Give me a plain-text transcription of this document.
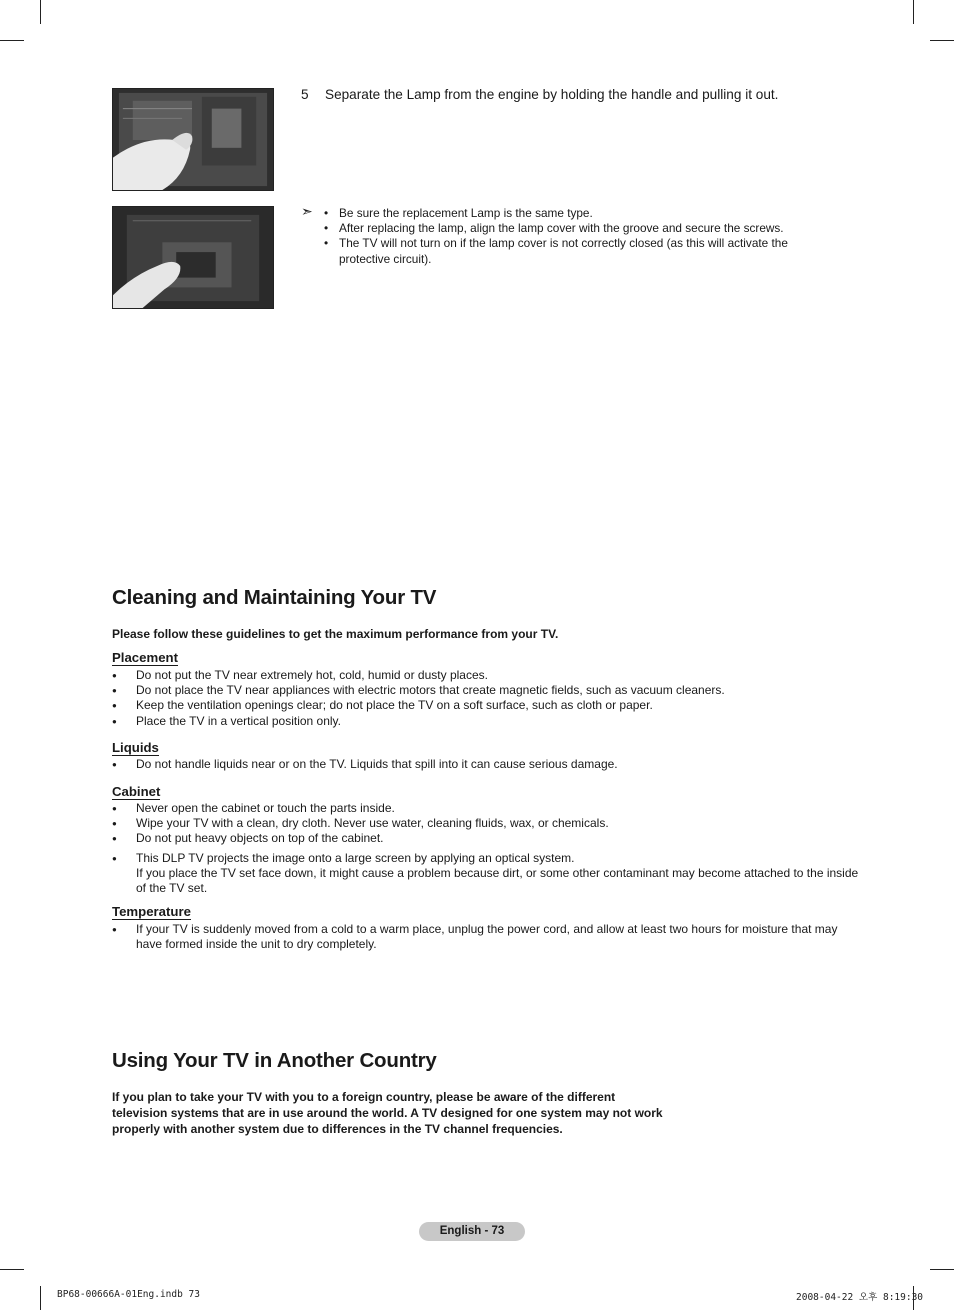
5 Separate the Lamp from the engine by holding the handle and pulling it out.
➣
•	Be sure the replacement Lamp is the same type.
• After replacing the lamp, align the lamp cover with the groove and secure the screws.
• The TV will not turn on if the lamp cover is not correctly closed (as this will activate the protective circuit).
Cleaning and Maintaining Your TV

Please follow these guidelines to get the maximum performance from your TV.

Placement

● Do not put the TV near extremely hot, cold, humid or dusty places.
● Do not place the TV near appliances with electric motors that create magnetic fields, such as vacuum cleaners.
● Keep the ventilation openings clear; do not place the TV on a soft surface, such as cloth or paper.
● Place the TV in a vertical position only.

Liquids

● Do not handle liquids near or on the TV. Liquids that spill into it can cause serious damage.

Cabinet

● Never open the cabinet or touch the parts inside.
● Wipe your TV with a clean, dry cloth. Never use water, cleaning fluids, wax, or chemicals.
● Do not put heavy objects on top of the cabinet.
● This DLP TV projects the image onto a large screen by applying an optical system.
If you place the TV set face down, it might cause a problem because dirt, or some other contaminant may become attached to the inside of the TV set.

Temperature

● If your TV is suddenly moved from a cold to a warm place, unplug the power cord, and allow at least two hours for moisture that may have formed inside the unit to dry completely.
Using Your TV in Another Country
If you plan to take your TV with you to a foreign country, please be aware of the different
television systems that are in use around the world. A TV designed for one system may not work
properly with another system due to differences in the TV channel frequencies.
English - 73
BP68-00666A-01Eng.indb 73	2008-04-22 오후 8:19:30
